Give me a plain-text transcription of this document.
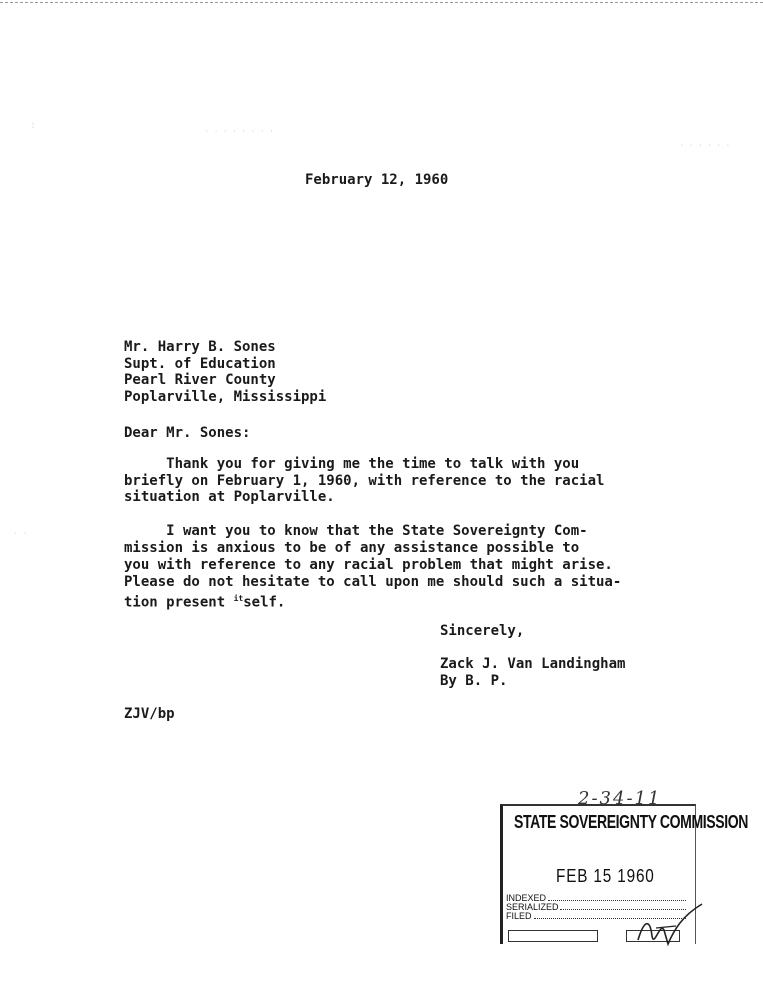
⋮
· · · · · · · ·
· · · · · ·
· ·
February 12, 1960
Mr. Harry B. Sones
Supt. of Education
Pearl River County
Poplarville, Mississippi
Dear Mr. Sones:
Thank you for giving me the time to talk with you
briefly on February 1, 1960, with reference to the racial
situation at Poplarville.
I want you to know that the State Sovereignty Com-
mission is anxious to be of any assistance possible to
you with reference to any racial problem that might arise.
Please do not hesitate to call upon me should such a situa-
tion present $^{it}$self.
Sincerely,
Zack J. Van Landingham
By B. P.
ZJV/bp
2-34-11
STATE SOVEREIGNTY COMMISSION
FEB 15 1960
INDEXED
SERIALIZED
FILED
